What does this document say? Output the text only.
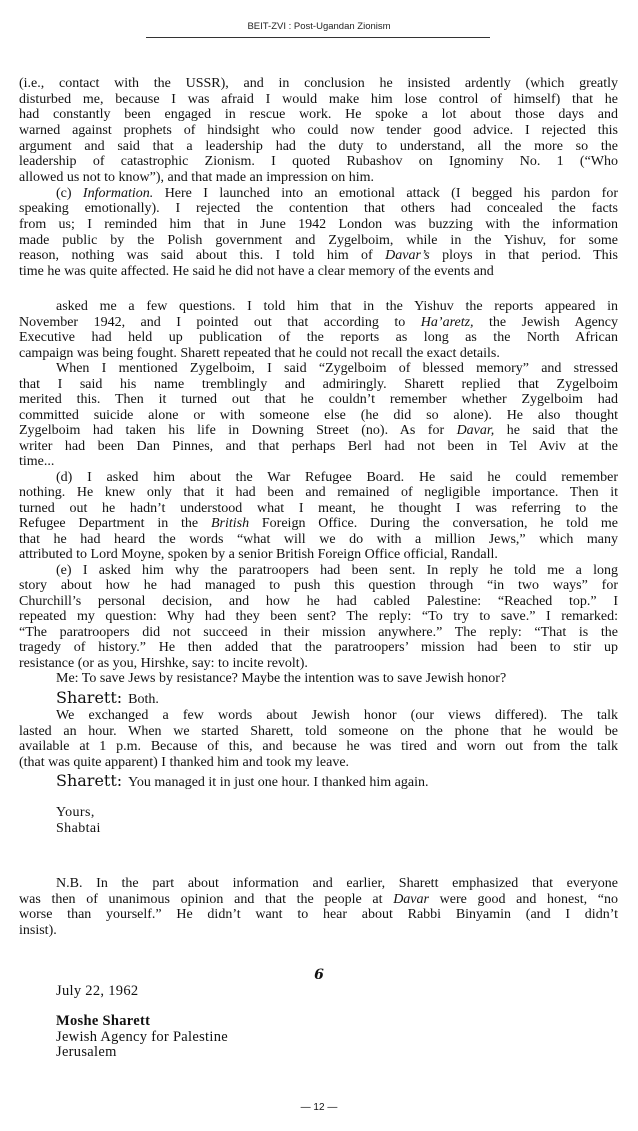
BEIT-ZVI : Post-Ugandan Zionism
(i.e., contact with the USSR), and in conclusion he insisted ardently (which greatly
disturbed me, because I was afraid I would make him lose control of himself) that he
had constantly been engaged in rescue work. He spoke a lot about those days and
warned against prophets of hindsight who could now tender good advice. I rejected this
argument and said that a leadership had the duty to understand, all the more so the
leadership of catastrophic Zionism. I quoted Rubashov on Ignominy No. 1 (“Who
allowed us not to know”), and that made an impression on him.
(c) Information. Here I launched into an emotional attack (I begged his pardon for
speaking emotionally). I rejected the contention that others had concealed the facts
from us; I reminded him that in June 1942 London was buzzing with the information
made public by the Polish government and Zygelboim, while in the Yishuv, for some
reason, nothing was said about this. I told him of Davar’s ploys in that period. This
time he was quite affected. He said he did not have a clear memory of the events and
asked me a few questions. I told him that in the Yishuv the reports appeared in
November 1942, and I pointed out that according to Ha’aretz, the Jewish Agency
Executive had held up publication of the reports as long as the North African
campaign was being fought. Sharett repeated that he could not recall the exact details.
When I mentioned Zygelboim, I said “Zygelboim of blessed memory” and stressed
that I said his name tremblingly and admiringly. Sharett replied that Zygelboim
merited this. Then it turned out that he couldn’t remember whether Zygelboim had
committed suicide alone or with someone else (he did so alone). He also thought
Zygelboim had taken his life in Downing Street (no). As for Davar, he said that the
writer had been Dan Pinnes, and that perhaps Berl had not been in Tel Aviv at the
time...
(d) I asked him about the War Refugee Board. He said he could remember
nothing. He knew only that it had been and remained of negligible importance. Then it
turned out he hadn’t understood what I meant, he thought I was referring to the
Refugee Department in the British Foreign Office. During the conversation, he told me
that he had heard the words “what will we do with a million Jews,” which many
attributed to Lord Moyne, spoken by a senior British Foreign Office official, Randall.
(e) I asked him why the paratroopers had been sent. In reply he told me a long
story about how he had managed to push this question through “in two ways” for
Churchill’s personal decision, and how he had cabled Palestine: “Reached top.” I
repeated my question: Why had they been sent? The reply: “To try to save.” I remarked:
“The paratroopers did not succeed in their mission anywhere.” The reply: “That is the
tragedy of history.” He then added that the paratroopers’ mission had been to stir up
resistance (or as you, Hirshke, say: to incite revolt).
Me: To save Jews by resistance? Maybe the intention was to save Jewish honor?
Sharett: Both.
We exchanged a few words about Jewish honor (our views differed). The talk
lasted an hour. When we started Sharett, told someone on the phone that he would be
available at 1 p.m. Because of this, and because he was tired and worn out from the talk
(that was quite apparent) I thanked him and took my leave.
Sharett: You managed it in just one hour. I thanked him again.
Yours,
Shabtai
N.B. In the part about information and earlier, Sharett emphasized that everyone
was then of unanimous opinion and that the people at Davar were good and honest, “no
worse than yourself.” He didn’t want to hear about Rabbi Binyamin (and I didn’t
insist).
6
July 22, 1962
Moshe Sharett
Jewish Agency for Palestine
Jerusalem
— 12 —
